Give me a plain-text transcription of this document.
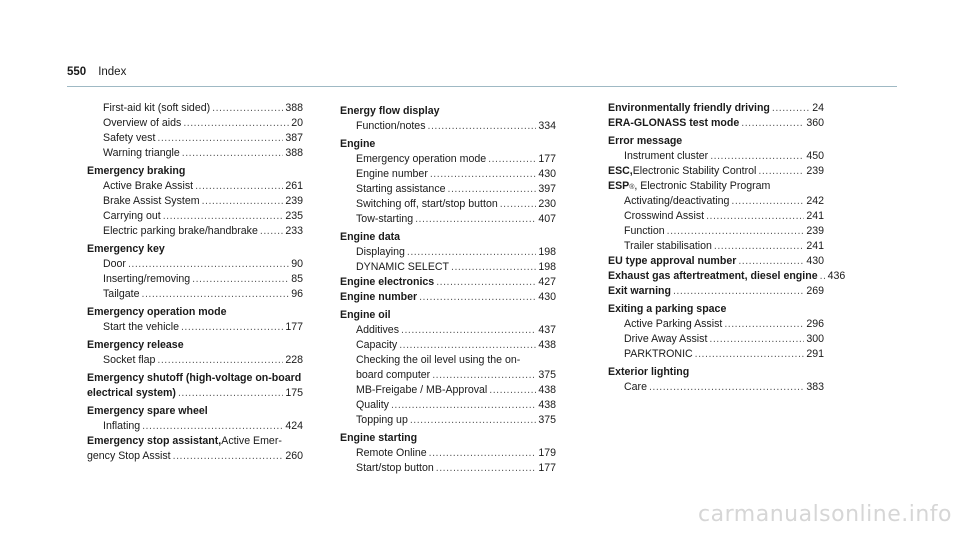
550 Index
First-aid kit (soft sided) .....	388
Overview of aids .....	20
Safety vest .....	387
Warning triangle .....	388
Emergency braking
Active Brake Assist .....	261
Brake Assist System .....	239
Carrying out .....	235
Electric parking brake/handbrake .....	233
Emergency key
Door .....	90
Inserting/removing .....	85
Tailgate .....	96
Emergency operation mode
Start the vehicle .....	177
Emergency release
Socket flap .....	228
Emergency shutoff (high-voltage on-board
electrical system) .....	175
Emergency spare wheel
Inflating .....	424
Emergency stop assistant, Active Emer-
gency Stop Assist .....	260
Energy flow display
Function/notes .....	334
Engine
Emergency operation mode .....	177
Engine number .....	430
Starting assistance .....	397
Switching off, start/stop button .....	230
Tow-starting .....	407
Engine data
Displaying .....	198
DYNAMIC SELECT .....	198
Engine electronics .....	427
Engine number .....	430
Engine oil
Additives .....	437
Capacity .....	438
Checking the oil level using the on-
board computer .....	375
MB-Freigabe / MB-Approval .....	438
Quality .....	438
Topping up .....	375
Engine starting
Remote Online .....	179
Start/stop button .....	177
Environmentally friendly driving .....	24
ERA-GLONASS test mode .....	360
Error message
Instrument cluster .....	450
ESC, Electronic Stability Control .....	239
ESP ® , Electronic Stability Program
Activating/deactivating .....	242
Crosswind Assist .....	241
Function .....	239
Trailer stabilisation .....	241
EU type approval number .....	430
Exhaust gas aftertreatment, diesel engine ..... 436
Exit warning .....	269
Exiting a parking space
Active Parking Assist .....	296
Drive Away Assist .....	300
PARKTRONIC .....	291
Exterior lighting
Care .....	383
carmanualsonline.info
